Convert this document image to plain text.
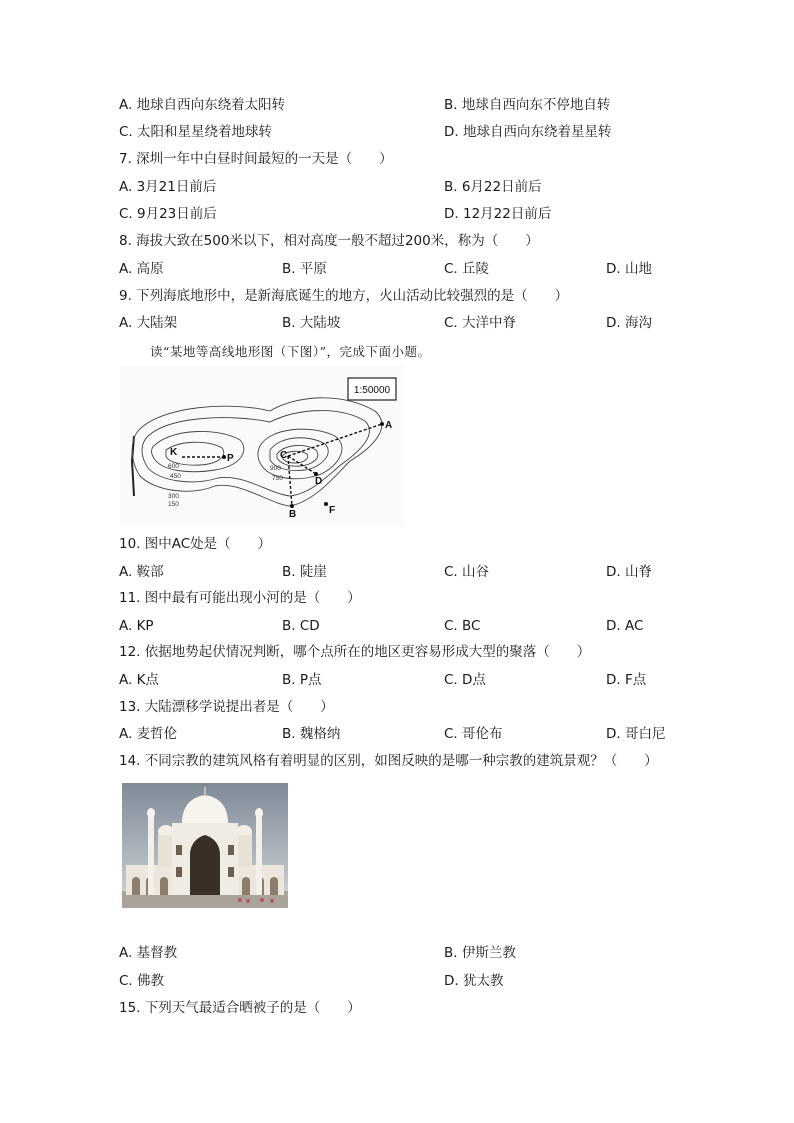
A. 地球自西向东绕着太阳转	B. 地球自西向东不停地自转
C. 太阳和星星绕着地球转	D. 地球自西向东绕着星星转
7. 深圳一年中白昼时间最短的一天是（　　）
A. 3月21日前后	B. 6月22日前后
C. 9月23日前后	D. 12月22日前后
8. 海拔大致在500米以下，相对高度一般不超过200米，称为（　　）
A. 高原	B. 平原	C. 丘陵	D. 山地
9. 下列海底地形中，是新海底诞生的地方，火山活动比较强烈的是（　　）
A. 大陆架	B. 大陆坡	C. 大洋中脊	D. 海沟
读“某地等高线地形图（下图）”，完成下面小题。
1:50000
K
P
A
C
D
B	F
600
450
300
150
900
750
10. 图中AC处是（　　）
A. 鞍部	B. 陡崖	C. 山谷	D. 山脊
11. 图中最有可能出现小河的是（　　）
A. KP	B. CD	C. BC	D. AC
12. 依据地势起伏情况判断，哪个点所在的地区更容易形成大型的聚落（　　）
A. K点	B. P点	C. D点	D. F点
13. 大陆漂移学说提出者是（　　）
A. 麦哲伦	B. 魏格纳	C. 哥伦布	D. 哥白尼
14. 不同宗教的建筑风格有着明显的区别，如图反映的是哪一种宗教的建筑景观？（　　）
A. 基督教	B. 伊斯兰教
C. 佛教	D. 犹太教
15. 下列天气最适合晒被子的是（　　）
